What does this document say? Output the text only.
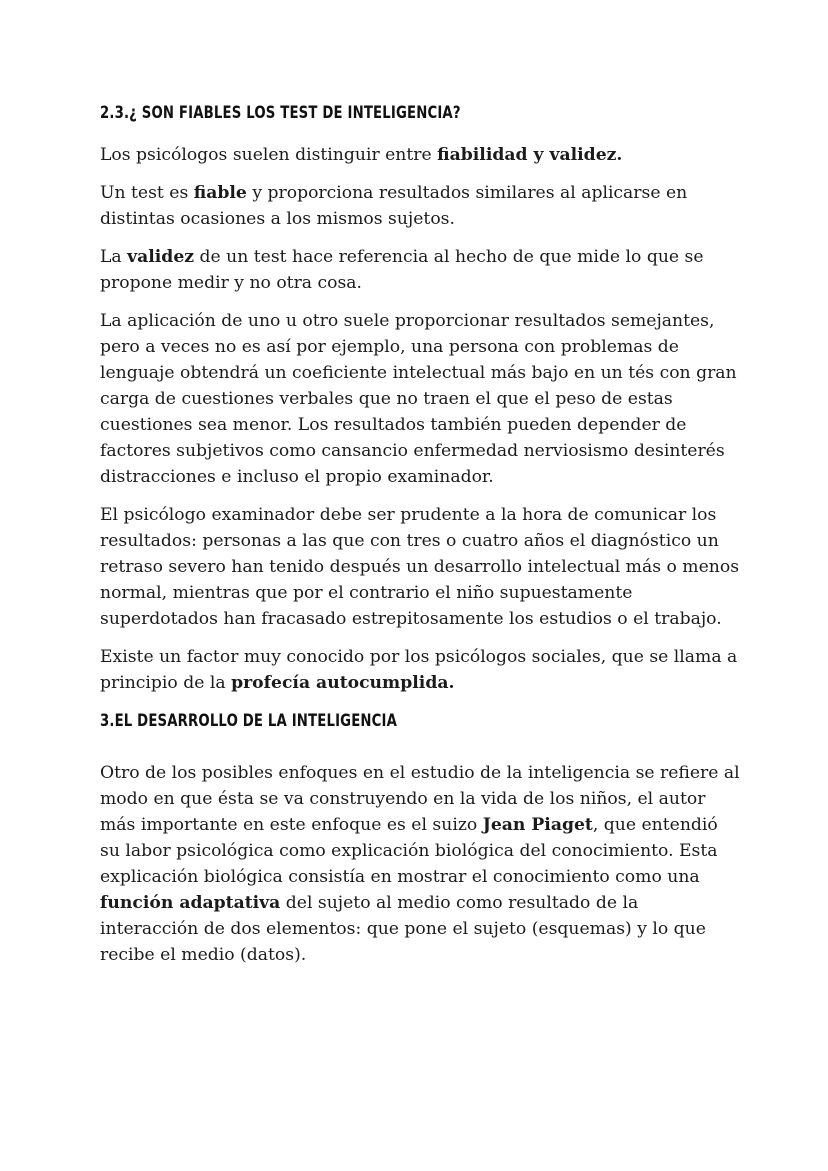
2.3.¿ SON FIABLES LOS TEST DE INTELIGENCIA?

Los psicólogos suelen distinguir entre fiabilidad y validez.

Un test es fiable y proporciona resultados similares al aplicarse en distintas ocasiones a los mismos sujetos.

La validez de un test hace referencia al hecho de que mide lo que se propone medir y no otra cosa.

La aplicación de uno u otro suele proporcionar resultados semejantes, pero a veces no es así por ejemplo, una persona con problemas de lenguaje obtendrá un coeficiente intelectual más bajo en un tés con gran carga de cuestiones verbales que no traen el que el peso de estas cuestiones sea menor. Los resultados también pueden depender de factores subjetivos como cansancio enfermedad nerviosismo desinterés distracciones e incluso el propio examinador.

El psicólogo examinador debe ser prudente a la hora de comunicar los resultados: personas a las que con tres o cuatro años el diagnóstico un retraso severo han tenido después un desarrollo intelectual más o menos normal, mientras que por el contrario el niño supuestamente superdotados han fracasado estrepitosamente los estudios o el trabajo.

Existe un factor muy conocido por los psicólogos sociales, que se llama a principio de la profecía autocumplida.

3.EL DESARROLLO DE LA INTELIGENCIA

Otro de los posibles enfoques en el estudio de la inteligencia se refiere al modo en que ésta se va construyendo en la vida de los niños, el autor más importante en este enfoque es el suizo Jean Piaget, que entendió su labor psicológica como explicación biológica del conocimiento. Esta explicación biológica consistía en mostrar el conocimiento como una función adaptativa del sujeto al medio como resultado de la interacción de dos elementos: que pone el sujeto (esquemas) y lo que recibe el medio (datos).
